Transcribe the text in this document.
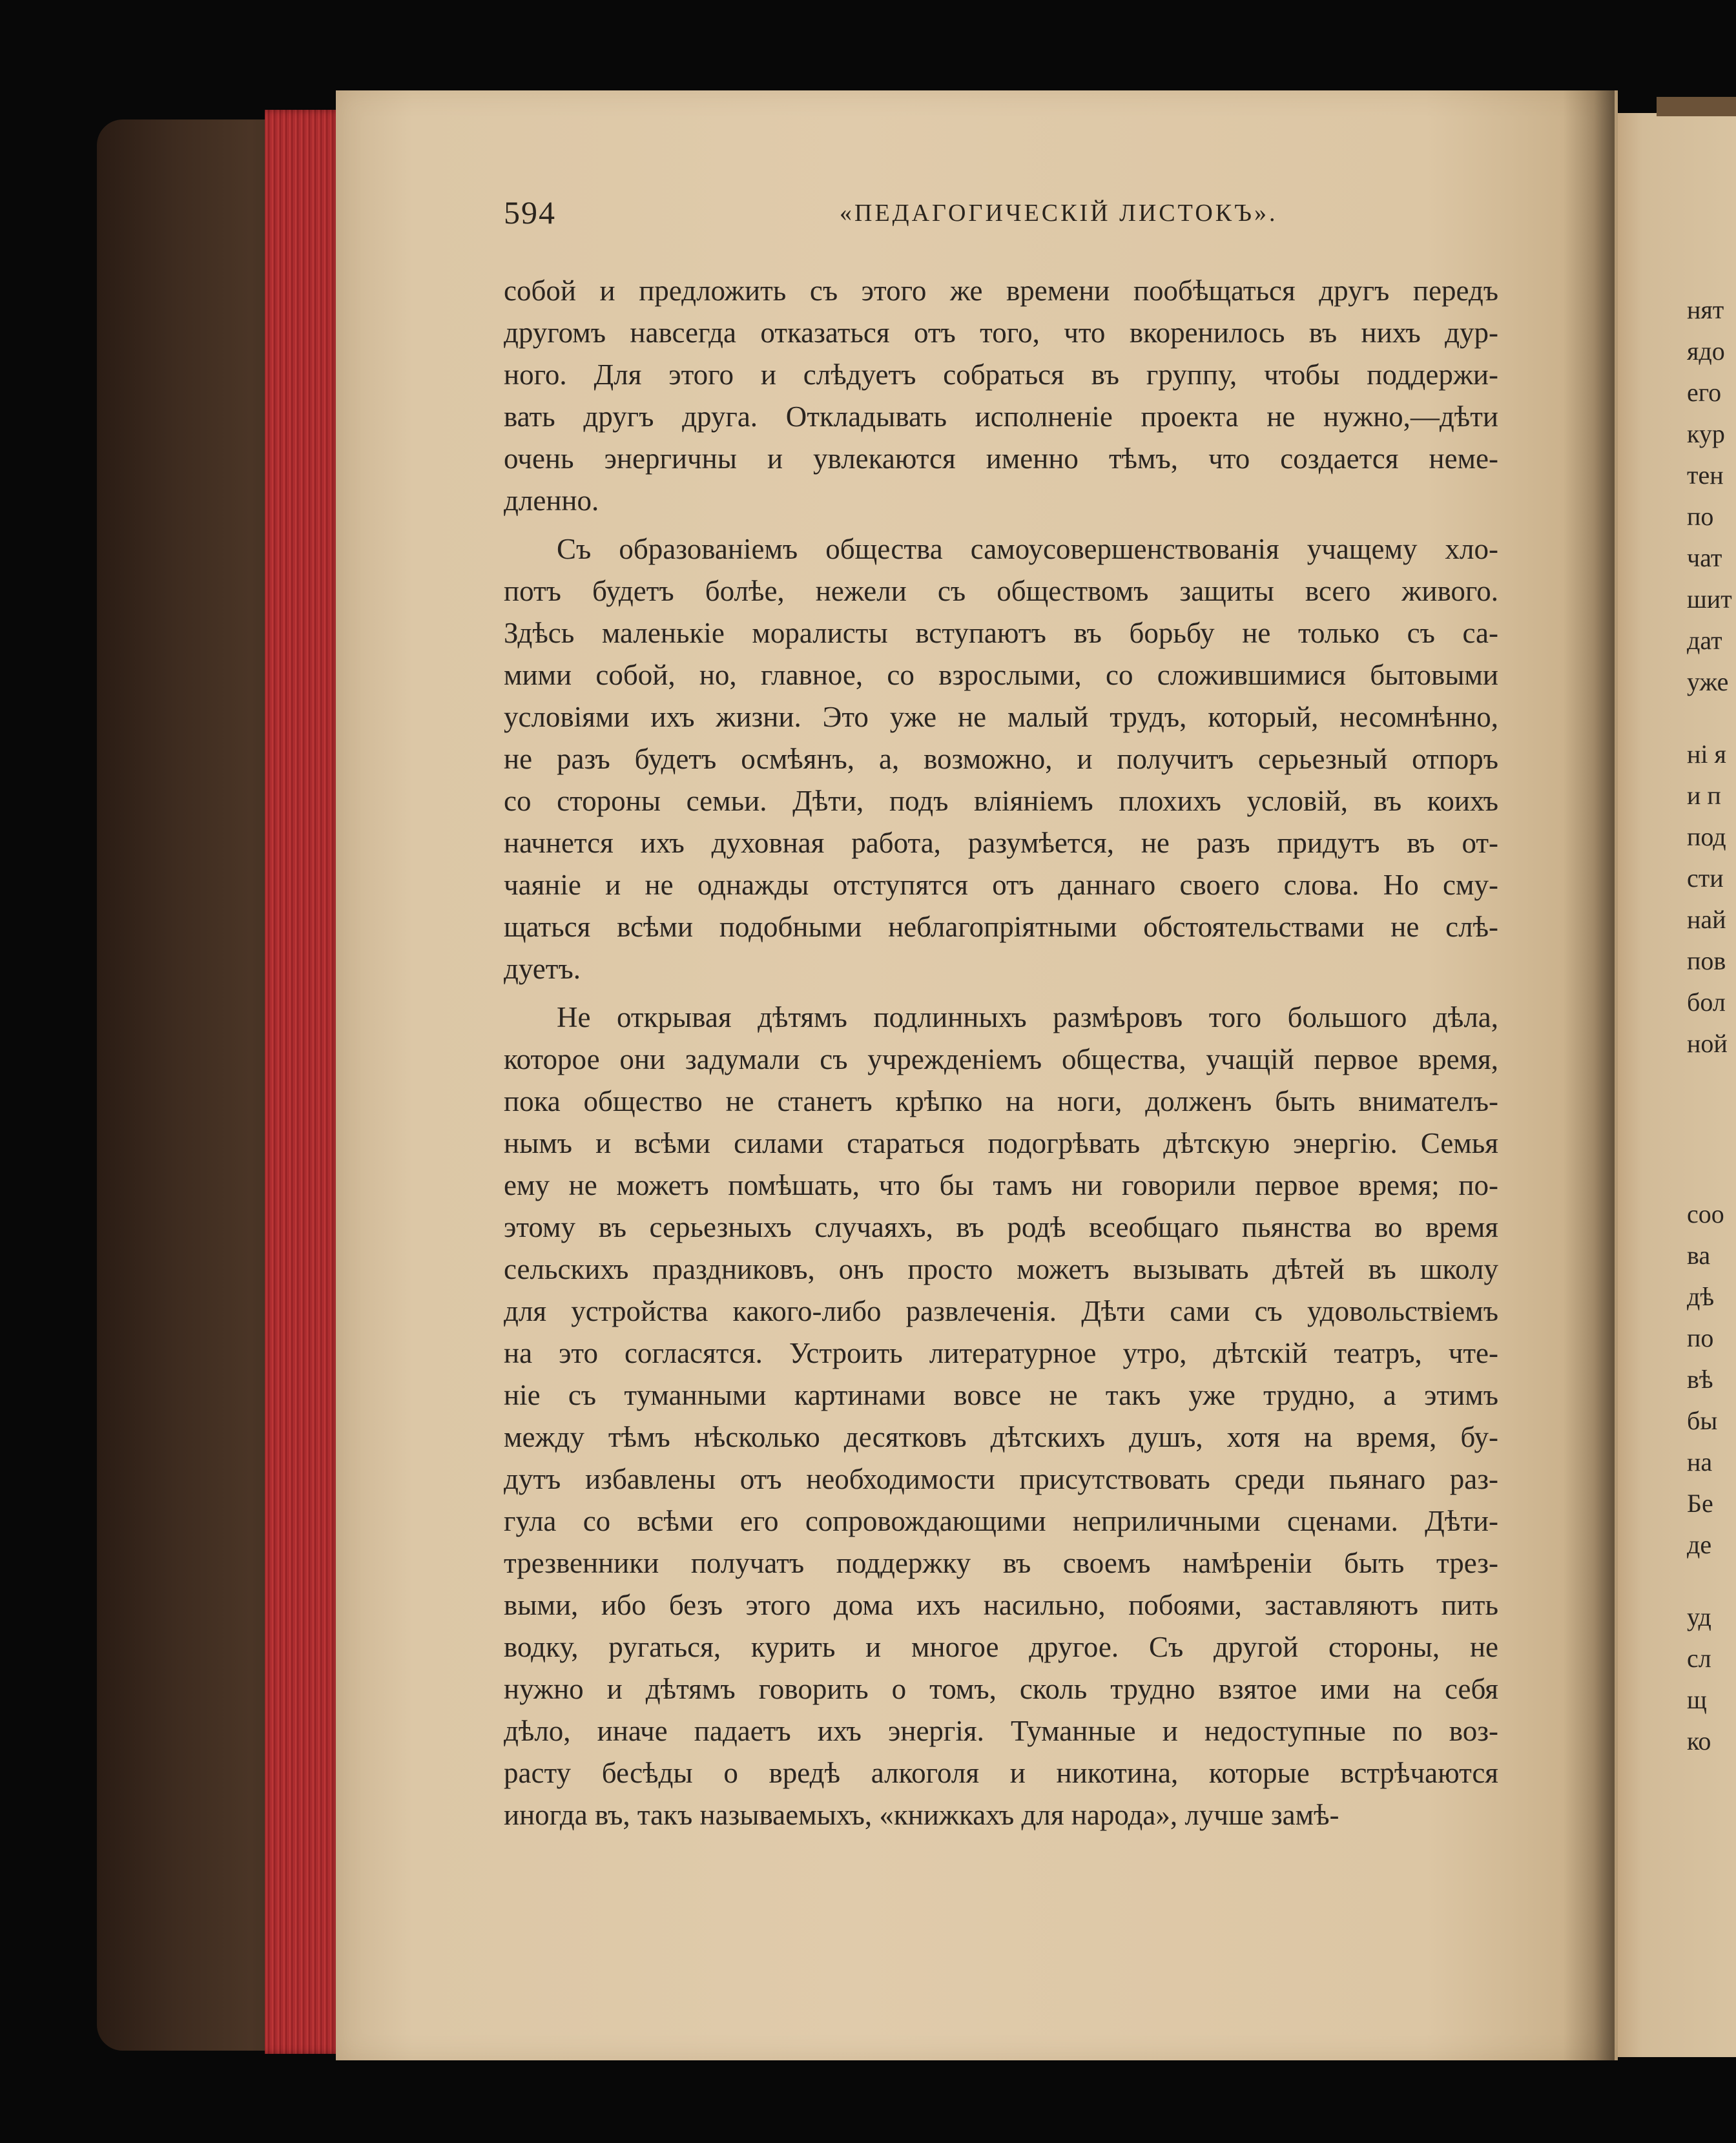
594	«ПЕДАГОГИЧЕСКІЙ ЛИСТОКЪ».
собой и предложить съ этого же времени пообѣщаться другъ передъ
другомъ навсегда отказаться отъ того, что вкоренилось въ нихъ дур-
ного. Для этого и слѣдуетъ собраться въ группу, чтобы поддержи-
вать другъ друга. Откладывать исполненіе проекта не нужно,—дѣти
очень энергичны и увлекаются именно тѣмъ, что создается неме-
дленно.
Съ образованіемъ общества самоусовершенствованія учащему хло-
потъ будетъ болѣе, нежели съ обществомъ защиты всего живого.
Здѣсь маленькіе моралисты вступаютъ въ борьбу не только съ са-
мими собой, но, главное, со взрослыми, со сложившимися бытовыми
условіями ихъ жизни. Это уже не малый трудъ, который, несомнѣнно,
не разъ будетъ осмѣянъ, а, возможно, и получитъ серьезный отпоръ
со стороны семьи. Дѣти, подъ вліяніемъ плохихъ условій, въ коихъ
начнется ихъ духовная работа, разумѣется, не разъ придутъ въ от-
чаяніе и не однажды отступятся отъ даннаго своего слова. Но сму-
щаться всѣми подобными неблагопріятными обстоятельствами не слѣ-
дуетъ.
Не открывая дѣтямъ подлинныхъ размѣровъ того большого дѣла,
которое они задумали съ учрежденіемъ общества, учащій первое время,
пока общество не станетъ крѣпко на ноги, долженъ быть внимателъ-
нымъ и всѣми силами стараться подогрѣвать дѣтскую энергію. Семья
ему не можетъ помѣшать, что бы тамъ ни говорили первое время; по-
этому въ серьезныхъ случаяхъ, въ родѣ всеобщаго пьянства во время
сельскихъ праздниковъ, онъ просто можетъ вызывать дѣтей въ школу
для устройства какого-либо развлеченія. Дѣти сами съ удовольствіемъ
на это согласятся. Устроить литературное утро, дѣтскій театръ, чте-
ніе съ туманными картинами вовсе не такъ уже трудно, а этимъ
между тѣмъ нѣсколько десятковъ дѣтскихъ душъ, хотя на время, бу-
дутъ избавлены отъ необходимости присутствовать среди пьянаго раз-
гула со всѣми его сопровождающими неприличными сценами. Дѣти-
трезвенники получатъ поддержку въ своемъ намѣреніи быть трез-
выми, ибо безъ этого дома ихъ насильно, побоями, заставляютъ пить
водку, ругаться, курить и многое другое. Съ другой стороны, не
нужно и дѣтямъ говорить о томъ, сколь трудно взятое ими на себя
дѣло, иначе падаетъ ихъ энергія. Туманные и недоступные по воз-
расту бесѣды о вредѣ алкоголя и никотина, которые встрѣчаются
иногда въ, такъ называемыхъ, «книжкахъ для народа», лучше замѣ-
нят
ядо
его
кур
тен
по
чат
шит
дат
уже
ні я
и п
под
сти
най
пов
бол
ной
соо
ва
дѣ
по
вѣ
бы
на
Бе
де
уд
сл
щ
ко
